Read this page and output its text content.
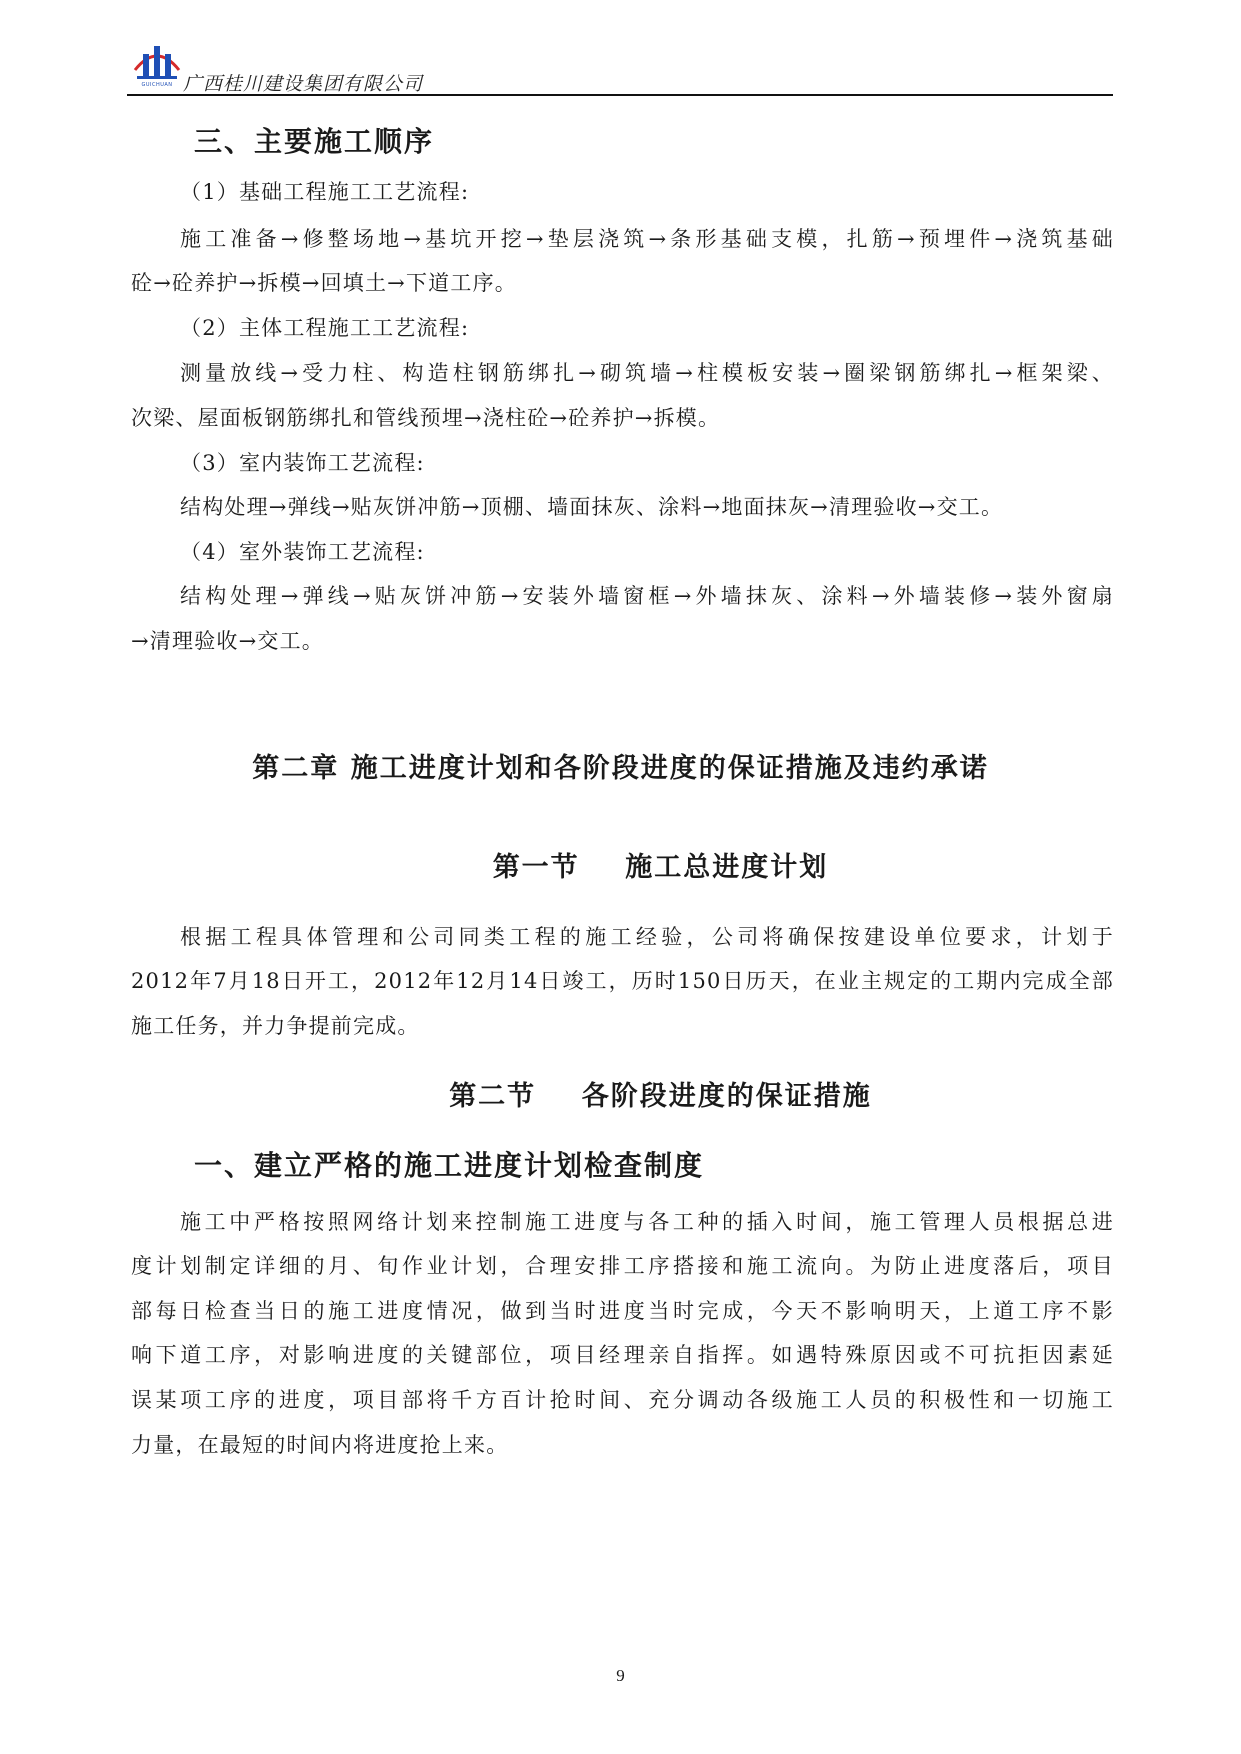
GUICHUAN 广西桂川建设集团有限公司
三、主要施工顺序
（1）基础工程施工工艺流程:
施工准备→修整场地→基坑开挖→垫层浇筑→条形基础支模，扎筋→预埋件→浇筑基础
砼→砼养护→拆模→回填土→下道工序。
（2）主体工程施工工艺流程:
测量放线→受力柱、构造柱钢筋绑扎→砌筑墙→柱模板安装→圈梁钢筋绑扎→框架梁、
次梁、屋面板钢筋绑扎和管线预埋→浇柱砼→砼养护→拆模。
（3）室内装饰工艺流程:
结构处理→弹线→贴灰饼冲筋→顶棚、墙面抹灰、涂料→地面抹灰→清理验收→交工。
（4）室外装饰工艺流程:
结构处理→弹线→贴灰饼冲筋→安装外墙窗框→外墙抹灰、涂料→外墙装修→装外窗扇
→清理验收→交工。
第二章 施工进度计划和各阶段进度的保证措施及违约承诺
第一节    施工总进度计划
根据工程具体管理和公司同类工程的施工经验，公司将确保按建设单位要求，计划于
2012年7月18日开工，2012年12月14日竣工，历时150日历天，在业主规定的工期内完成全部
施工任务，并力争提前完成。
第二节    各阶段进度的保证措施
一、建立严格的施工进度计划检查制度
施工中严格按照网络计划来控制施工进度与各工种的插入时间，施工管理人员根据总进
度计划制定详细的月、旬作业计划，合理安排工序搭接和施工流向。为防止进度落后，项目
部每日检查当日的施工进度情况，做到当时进度当时完成，今天不影响明天，上道工序不影
响下道工序，对影响进度的关键部位，项目经理亲自指挥。如遇特殊原因或不可抗拒因素延
误某项工序的进度，项目部将千方百计抢时间、充分调动各级施工人员的积极性和一切施工
力量，在最短的时间内将进度抢上来。
9
